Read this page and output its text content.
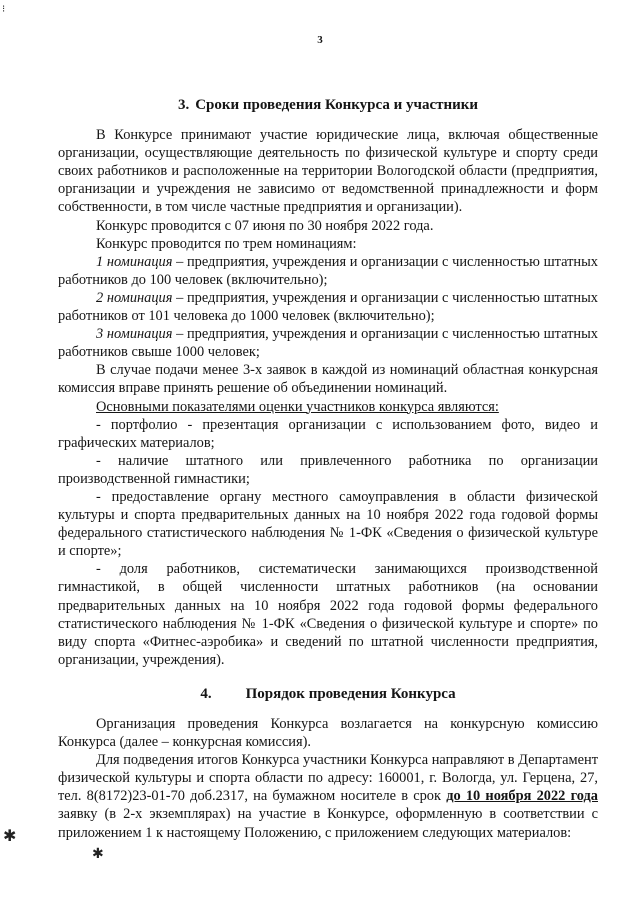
3
3. Сроки проведения Конкурса и участники

В Конкурсе принимают участие юридические лица, включая общественные организации, осуществляющие деятельность по физической культуре и спорту среди своих работников и расположенные на территории Вологодской области (предприятия, организации и учреждения не зависимо от ведомственной принадлежности и форм собственности, в том числе частные предприятия и организации).

Конкурс проводится с 07 июня по 30 ноября 2022 года.

Конкурс проводится по трем номинациям:

1 номинация – предприятия, учреждения и организации с численностью штатных работников до 100 человек (включительно);

2 номинация – предприятия, учреждения и организации с численностью штатных работников от 101 человека до 1000 человек (включительно);

3 номинация – предприятия, учреждения и организации с численностью штатных работников свыше 1000 человек;

В случае подачи менее 3-х заявок в каждой из номинаций областная конкурсная комиссия вправе принять решение об объединении номинаций.

Основными показателями оценки участников конкурса являются:

- портфолио - презентация организации с использованием фото, видео и графических материалов;

- наличие штатного или привлеченного работника по организации производственной гимнастики;

- предоставление органу местного самоуправления в области физической культуры и спорта предварительных данных на 10 ноября 2022 года годовой формы федерального статистического наблюдения № 1-ФК «Сведения о физической культуре и спорте»;

- доля работников, систематически занимающихся производственной гимнастикой, в общей численности штатных работников (на основании предварительных данных на 10 ноября 2022 года годовой формы федерального статистического наблюдения № 1-ФК «Сведения о физической культуре и спорте» по виду спорта «Фитнес-аэробика» и сведений по штатной численности предприятия, организации, учреждения).

4. Порядок проведения Конкурса

Организация проведения Конкурса возлагается на конкурсную комиссию Конкурса (далее – конкурсная комиссия).

Для подведения итогов Конкурса участники Конкурса направляют в Департамент физической культуры и спорта области по адресу: 160001, г. Вологда, ул. Герцена, 27, тел. 8(8172)23-01-70 доб.2317, на бумажном носителе в срок до 10 ноября 2022 года заявку (в 2-х экземплярах) на участие в Конкурсе, оформленную в соответствии с приложением 1 к настоящему Положению, с приложением следующих материалов:

⁝
✱
✱
